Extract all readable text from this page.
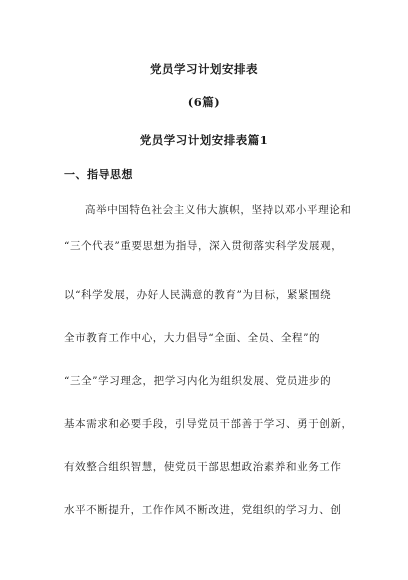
党员学习计划安排表
(6篇)
党员学习计划安排表篇1
一、指导思想
高举中国特色社会主义伟大旗帜，坚持以邓小平理论和
“三个代表”重要思想为指导，深入贯彻落实科学发展观，
以“科学发展，办好人民满意的教育”为目标，紧紧围绕
全市教育工作中心，大力倡导“全面、全员、全程”的
“三全”学习理念，把学习内化为组织发展、党员进步的
基本需求和必要手段，引导党员干部善于学习、勇于创新，
有效整合组织智慧，使党员干部思想政治素养和业务工作
水平不断提升，工作作风不断改进，党组织的学习力、创
